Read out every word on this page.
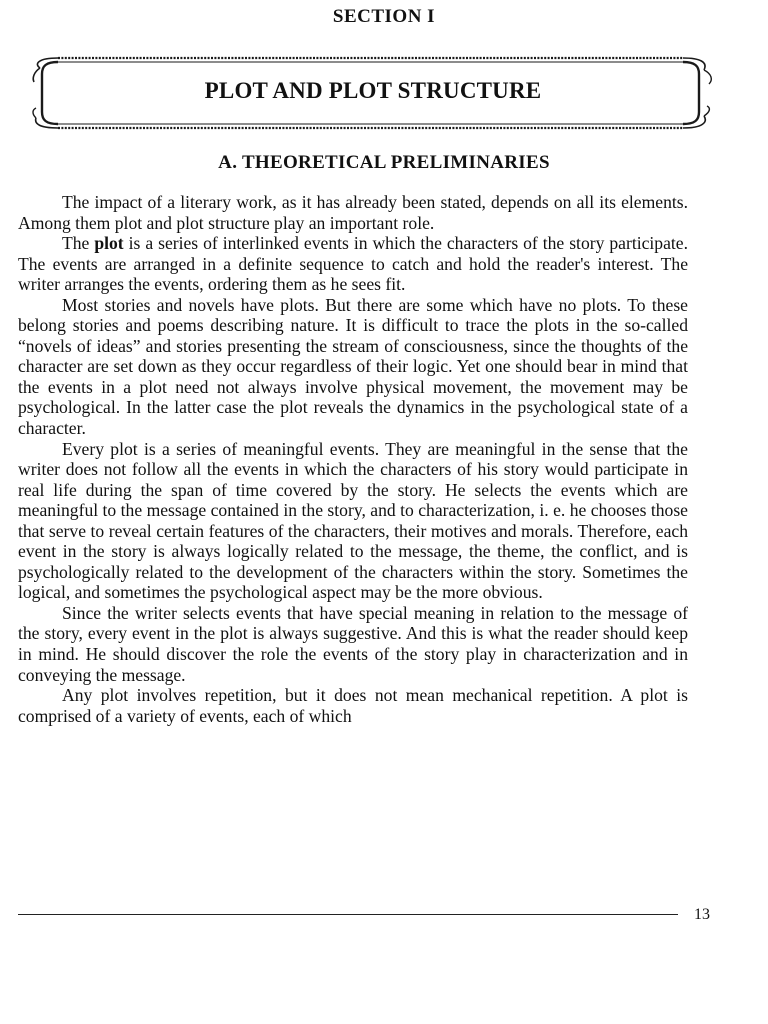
SECTION I
PLOT AND PLOT STRUCTURE
A. THEORETICAL PRELIMINARIES

The impact of a literary work, as it has already been stated, depends on all its elements. Among them plot and plot structure play an important role.

The plot is a series of interlinked events in which the characters of the story participate. The events are arranged in a definite sequence to catch and hold the reader's interest. The writer arranges the events, ordering them as he sees fit.

Most stories and novels have plots. But there are some which have no plots. To these belong stories and poems describing nature. It is difficult to trace the plots in the so-called “novels of ideas” and stories presenting the stream of consciousness, since the thoughts of the character are set down as they occur regardless of their logic. Yet one should bear in mind that the events in a plot need not always involve physical movement, the movement may be psychological. In the latter case the plot reveals the dynamics in the psychological state of a character.

Every plot is a series of meaningful events. They are meaningful in the sense that the writer does not follow all the events in which the characters of his story would participate in real life during the span of time covered by the story. He selects the events which are meaningful to the message contained in the story, and to characterization, i. e. he chooses those that serve to reveal certain features of the characters, their motives and morals. Therefore, each event in the story is always logically related to the message, the theme, the conflict, and is psychologically related to the development of the characters within the story. Sometimes the logical, and sometimes the psychological aspect may be the more obvious.

Since the writer selects events that have special meaning in relation to the message of the story, every event in the plot is always suggestive. And this is what the reader should keep in mind. He should discover the role the events of the story play in characterization and in conveying the message.

Any plot involves repetition, but it does not mean mechanical repetition. A plot is comprised of a variety of events, each of which

13
